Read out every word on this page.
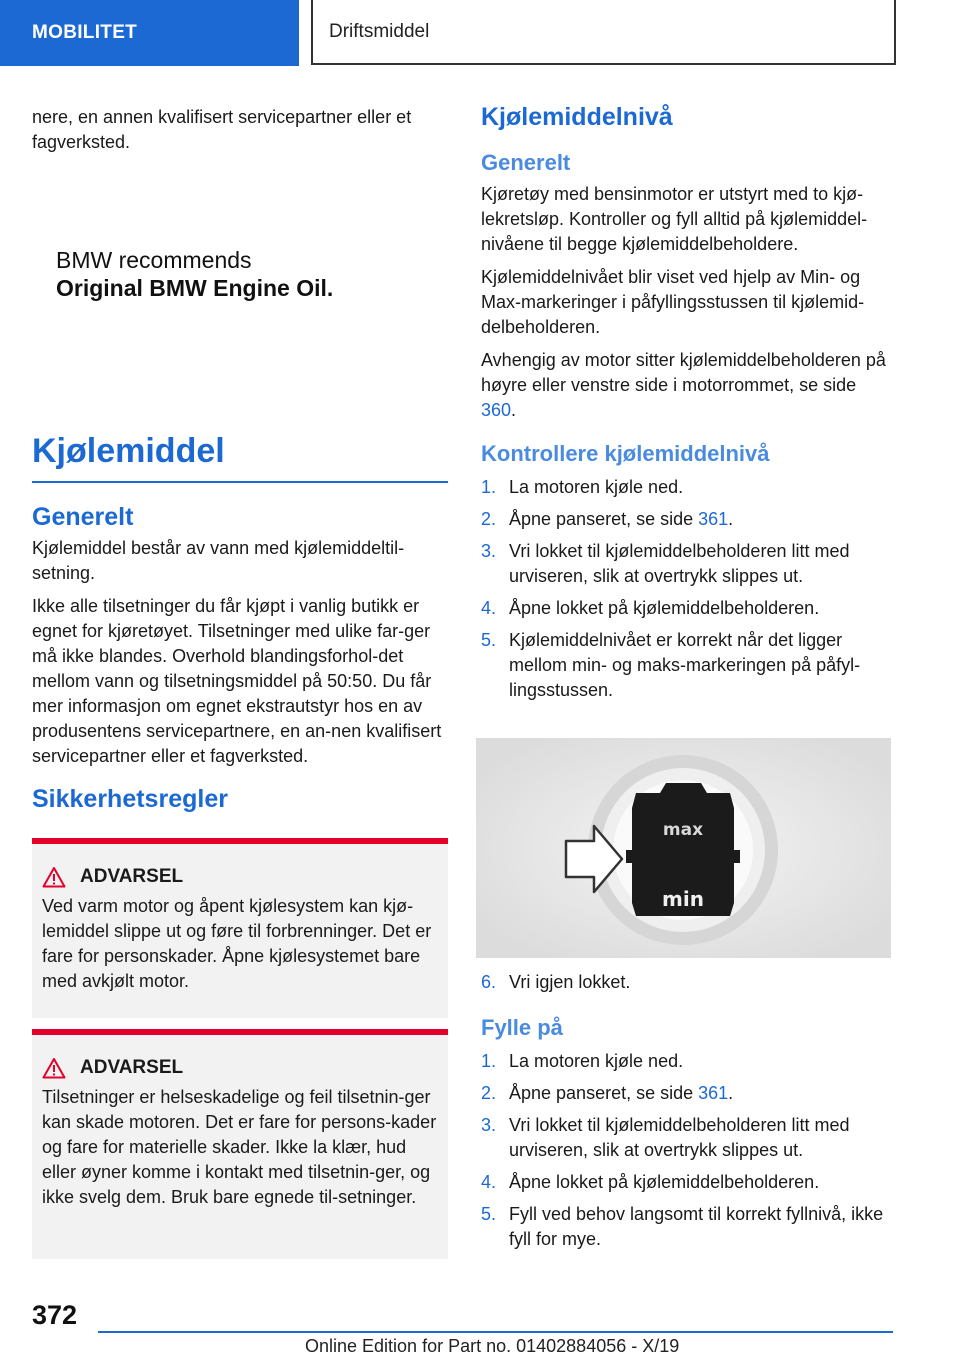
MOBILITET	Driftsmiddel

nere, en annen kvalifisert servicepartner eller et fagverksted.

BMW recommends
Original BMW Engine Oil.
Kjølemiddel
Generelt

Kjølemiddel består av vann med kjølemiddeltil-setning.

Ikke alle tilsetninger du får kjøpt i vanlig butikk er egnet for kjøretøyet. Tilsetninger med ulike far-ger må ikke blandes. Overhold blandingsforhol-det mellom vann og tilsetningsmiddel på 50:50. Du får mer informasjon om egnet ekstrautstyr hos en av produsentens servicepartnere, en an-nen kvalifisert servicepartner eller et fagverksted.

Sikkerhetsregler
ADVARSEL

Ved varm motor og åpent kjølesystem kan kjø-lemiddel slippe ut og føre til forbrenninger. Det er fare for personskader. Åpne kjølesystemet bare med avkjølt motor.

ADVARSEL

Tilsetninger er helseskadelige og feil tilsetnin-ger kan skade motoren. Det er fare for persons-kader og fare for materielle skader. Ikke la klær, hud eller øyner komme i kontakt med tilsetnin-ger, og ikke svelg dem. Bruk bare egnede til-setninger.

Kjølemiddelnivå
Generelt

Kjøretøy med bensinmotor er utstyrt med to kjø-lekretsløp. Kontroller og fyll alltid på kjølemiddel-nivåene til begge kjølemiddelbeholdere.

Kjølemiddelnivået blir viset ved hjelp av Min- og Max-markeringer i påfyllingsstussen til kjølemid-delbeholderen.

Avhengig av motor sitter kjølemiddelbeholderen på høyre eller venstre side i motorrommet, se side 360.

Kontrollere kjølemiddelnivå
1. La motoren kjøle ned.
2. Åpne panseret, se side 361.
3. Vri lokket til kjølemiddelbeholderen litt med urviseren, slik at overtrykk slippes ut.
4. Åpne lokket på kjølemiddelbeholderen.
5. Kjølemiddelnivået er korrekt når det ligger mellom min- og maks-markeringen på påfyl-lingsstussen.
max
min
6. Vri igjen lokket.
Fylle på
1. La motoren kjøle ned.
2. Åpne panseret, se side 361.
3. Vri lokket til kjølemiddelbeholderen litt med urviseren, slik at overtrykk slippes ut.
4. Åpne lokket på kjølemiddelbeholderen.
5. Fyll ved behov langsomt til korrekt fyllnivå, ikke fyll for mye.
372
Online Edition for Part no. 01402884056 - X/19
